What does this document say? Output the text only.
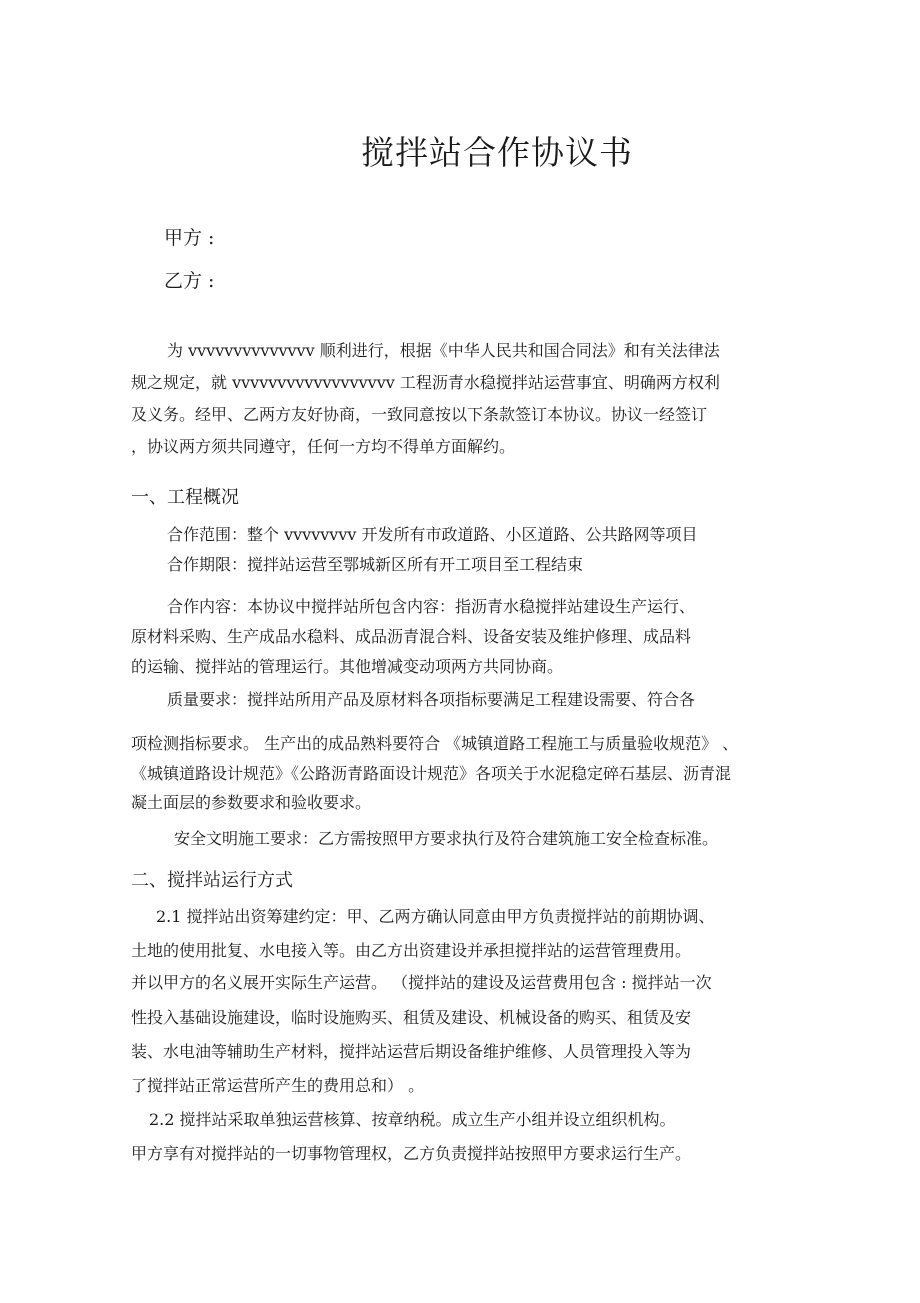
搅拌站合作协议书
甲方 :
乙方 :
为 vvvvvvvvvvvvvv 顺利进行，根据《中华人民共和国合同法》和有关法律法
规之规定，就 vvvvvvvvvvvvvvvvvv 工程沥青水稳搅拌站运营事宜、明确两方权利
及义务。经甲、乙两方友好协商，一致同意按以下条款签订本协议。协议一经签订
，协议两方须共同遵守，任何一方均不得单方面解约。
一、工程概况
合作范围：整个 vvvvvvvv 开发所有市政道路、小区道路、公共路网等项目
合作期限：搅拌站运营至鄂城新区所有开工项目至工程结束
合作内容：本协议中搅拌站所包含内容：指沥青水稳搅拌站建设生产运行、
原材料采购、生产成品水稳料、成品沥青混合料、设备安装及维护修理、成品料
的运输、搅拌站的管理运行。其他增减变动项两方共同协商。
质量要求：搅拌站所用产品及原材料各项指标要满足工程建设需要、符合各
项检测指标要求。 生产出的成品熟料要符合 《城镇道路工程施工与质量验收规范》 、
《城镇道路设计规范》《公路沥青路面设计规范》各项关于水泥稳定碎石基层、沥青混
凝土面层的参数要求和验收要求。
安全文明施工要求：乙方需按照甲方要求执行及符合建筑施工安全检查标准。
二、搅拌站运行方式
2.1 搅拌站出资筹建约定：甲、乙两方确认同意由甲方负责搅拌站的前期协调、
土地的使用批复、水电接入等。由乙方出资建设并承担搅拌站的运营管理费用。
并以甲方的名义展开实际生产运营。 （搅拌站的建设及运营费用包含 : 搅拌站一次
性投入基础设施建设，临时设施购买、租赁及建设、机械设备的购买、租赁及安
装、水电油等辅助生产材料，搅拌站运营后期设备维护维修、人员管理投入等为
了搅拌站正常运营所产生的费用总和） 。
2.2 搅拌站采取单独运营核算、按章纳税。成立生产小组并设立组织机构。
甲方享有对搅拌站的一切事物管理权，乙方负责搅拌站按照甲方要求运行生产。
